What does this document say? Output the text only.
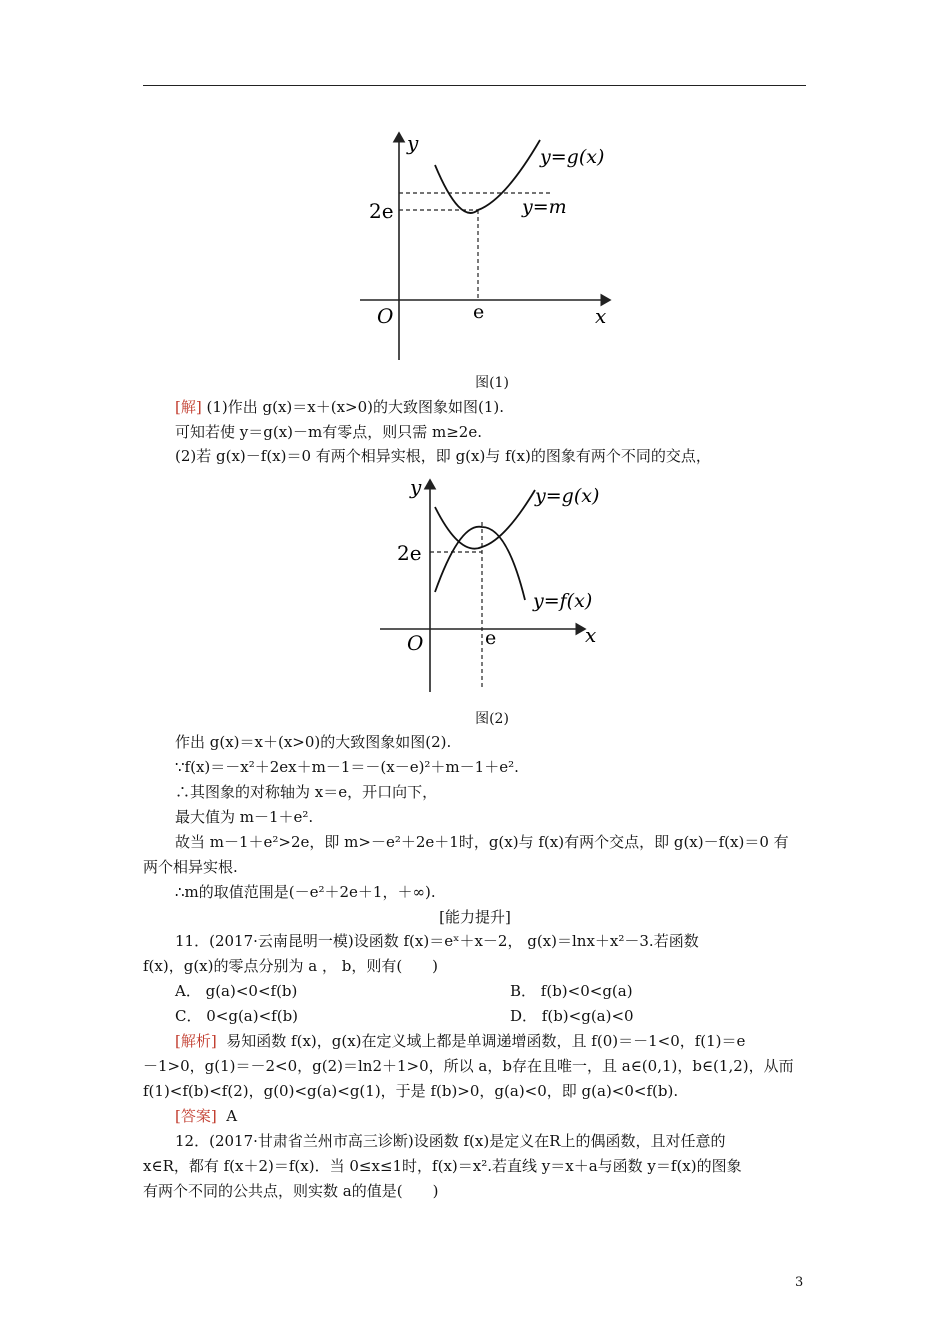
y
2e
y=g(x)
y=m
O	e	x
图(1)
[解] (1)作出 g(x)＝x＋(x>0)的大致图象如图(1).
可知若使 y＝g(x)－m有零点，则只需 m≥2e.
(2)若 g(x)－f(x)＝0 有两个相异实根，即 g(x)与 f(x)的图象有两个不同的交点，
y
2e
y=g(x)
y=f(x)
O	e	x
图(2)
作出 g(x)＝x＋(x>0)的大致图象如图(2).
∵f(x)＝－x²＋2ex＋m－1＝－(x－e)²＋m－1＋e².
∴其图象的对称轴为 x＝e，开口向下，
最大值为 m－1＋e².
故当 m－1＋e²>2e，即 m>－e²＋2e＋1时，g(x)与 f(x)有两个交点，即 g(x)－f(x)＝0 有
两个相异实根.
∴m的取值范围是(－e²＋2e＋1，＋∞).
[能力提升]
11．(2017·云南昆明一模)设函数 f(x)＝eˣ＋x－2， g(x)＝lnx＋x²－3.若函数
f(x)，g(x)的零点分别为 a ， b，则有(　　)
A． g(a)<0<f(b)	B． f(b)<0<g(a)
C． 0<g(a)<f(b)	D． f(b)<g(a)<0
[解析] 易知函数 f(x)，g(x)在定义域上都是单调递增函数，且 f(0)＝－1<0，f(1)＝e
－1>0，g(1)＝－2<0，g(2)＝ln2＋1>0，所以 a，b存在且唯一，且 a∈(0,1)，b∈(1,2)，从而
f(1)<f(b)<f(2)，g(0)<g(a)<g(1)，于是 f(b)>0，g(a)<0，即 g(a)<0<f(b).
[答案] A
12．(2017·甘肃省兰州市高三诊断)设函数 f(x)是定义在R上的偶函数，且对任意的
x∈R，都有 f(x＋2)＝f(x)．当 0≤x≤1时，f(x)＝x².若直线 y＝x＋a与函数 y＝f(x)的图象
有两个不同的公共点，则实数 a的值是(　　)
3
